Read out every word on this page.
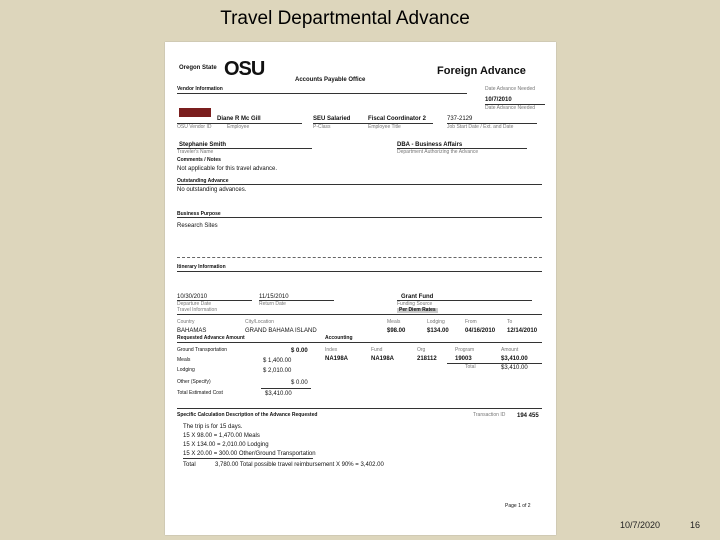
Travel Departmental Advance
Oregon State OSU	Accounts Payable Office
Foreign Advance
Vendor Information	Date Advance Needed
10/7/2010
Date Advance Needed
Diane R Mc Gill
OSU Vendor ID	Employee
SEU Salaried
P-Class
Fiscal Coordinator 2
Employee Title
737-2129
Job Start Date / Ext. and Date
Stephanie Smith
Traveler's Name
DBA - Business Affairs
Department Authorizing the Advance
Comments / Notes
Not applicable for this travel advance.
Outstanding Advance
No outstanding advances.
Business Purpose
Research Sites
Itinerary Information
10/30/2010
Departure Date
11/15/2010
Return Date
Grant Fund
Funding Source
Per Diem Rates
Travel Information
Country	City/Location	Meals	Lodging	From	To
BAHAMAS	GRAND BAHAMA ISLAND	$98.00	$134.00	04/16/2010 12/14/2010
Requested Advance Amount	Accounting
Ground Transportation	$ 0.00	Index	Fund	Org	Program	Amount
Meals	$ 1,400.00	NA198A	NA198A	218112	19003	$3,410.00
Total	$3,410.00
Lodging	$ 2,010.00
Other (Specify)	$ 0.00
Total Estimated Cost	$3,410.00
Specific Calculation Description of the Advance Requested	Transaction ID 194 455
The trip is for 15 days.
15 X 98.00 = 1,470.00 Meals
15 X 134.00 = 2,010.00 Lodging
15 X 20.00 = 300.00 Other/Ground Transportation
Total	3,780.00 Total possible travel reimbursement X 90% = 3,402.00
Page 1 of 2
10/7/2020	16
